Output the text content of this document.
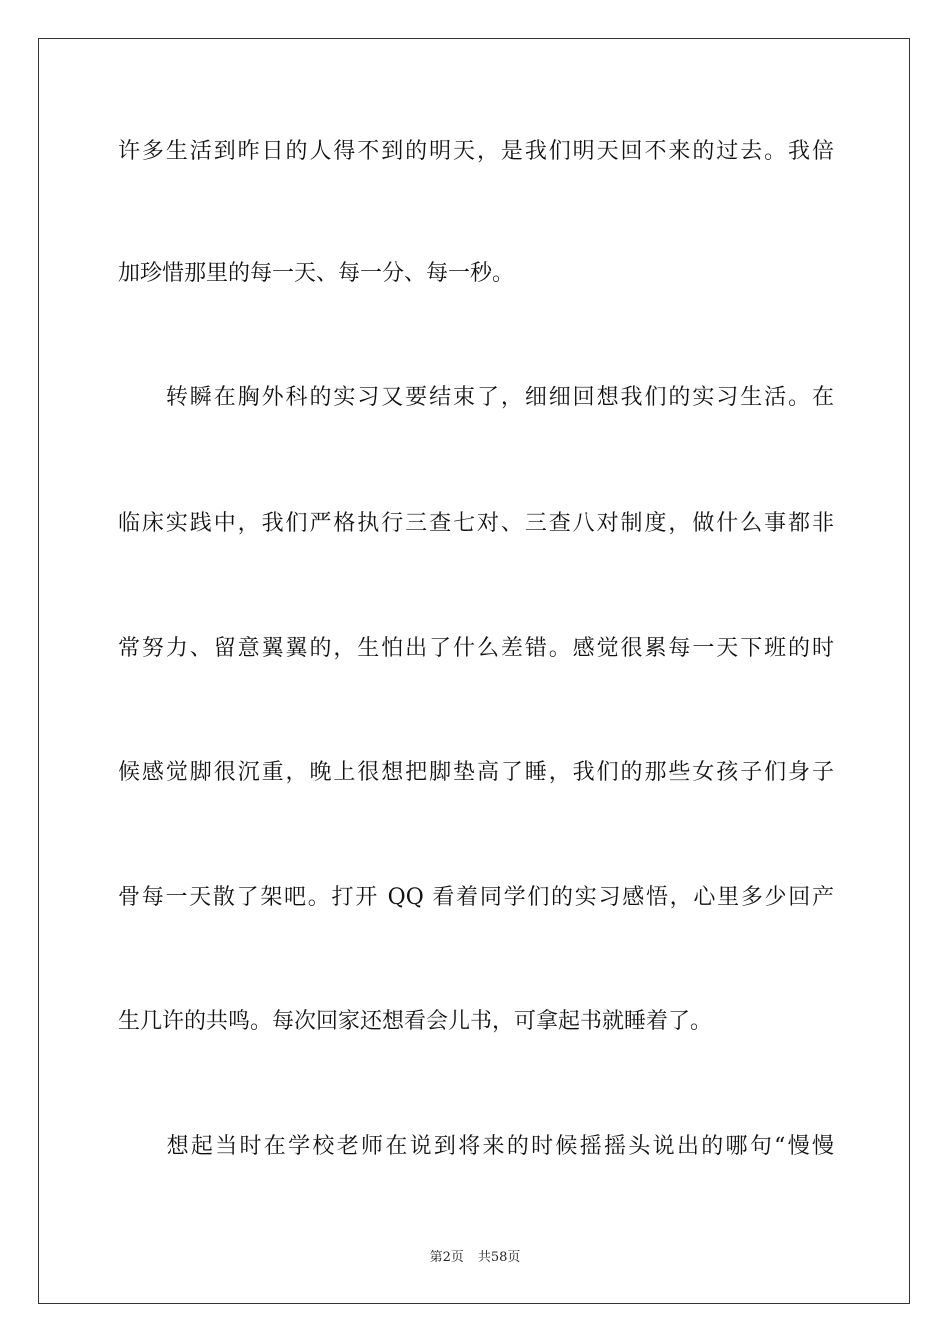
许多生活到昨日的人得不到的明天，是我们明天回不来的过去。我倍
加珍惜那里的每一天、每一分、每一秒。
　　转瞬在胸外科的实习又要结束了，细细回想我们的实习生活。在
临床实践中，我们严格执行三查七对、三查八对制度，做什么事都非
常努力、留意翼翼的，生怕出了什么差错。感觉很累每一天下班的时
候感觉脚很沉重，晚上很想把脚垫高了睡，我们的那些女孩子们身子
骨每一天散了架吧。打开 QQ 看着同学们的实习感悟，心里多少回产
生几许的共鸣。每次回家还想看会儿书，可拿起书就睡着了。
　　想起当时在学校老师在说到将来的时候摇摇头说出的哪句“慢慢
第2页 共58页
